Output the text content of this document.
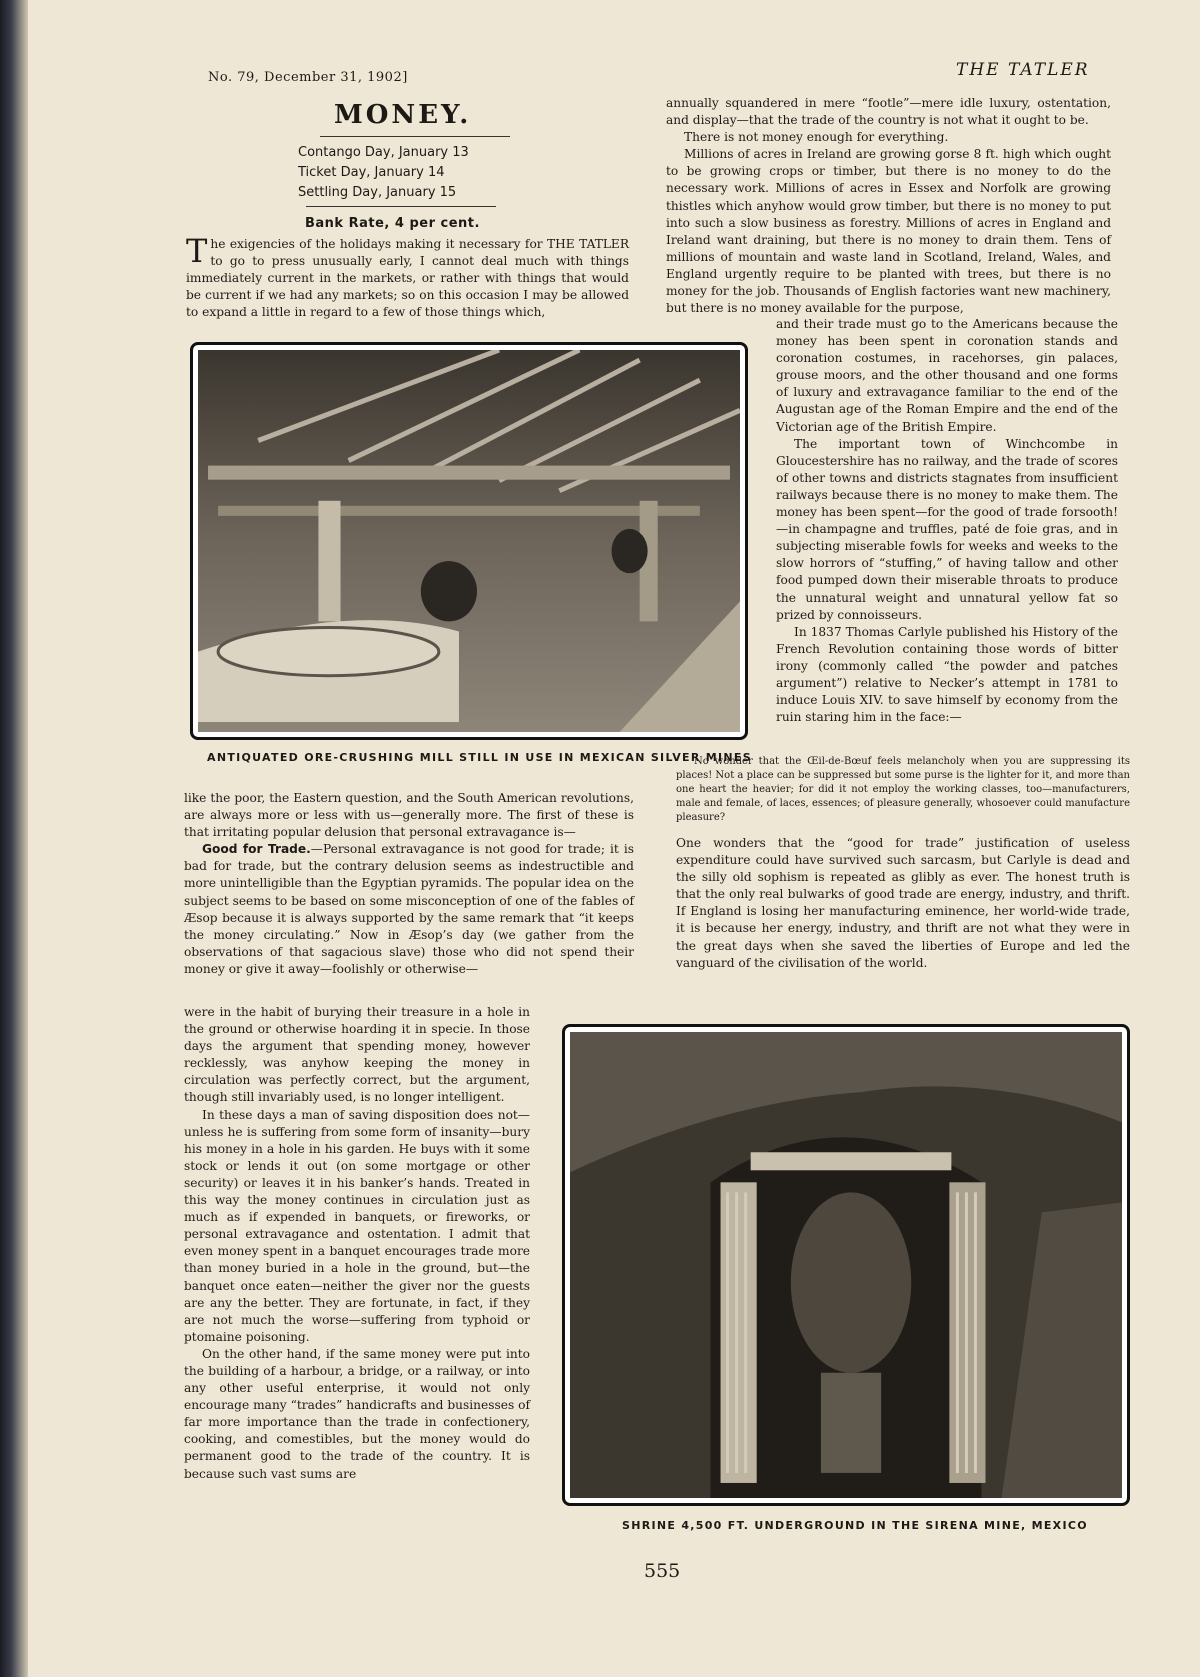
No. 79, December 31, 1902]	THE TATLER
MONEY.
Contango Day, January 13
Ticket Day, January 14
Settling Day, January 15
Bank Rate, 4 per cent.

The exigencies of the holidays making it necessary for THE TATLER to go to press unusually early, I cannot deal much with things immediately current in the markets, or rather with things that would be current if we had any markets; so on this occasion I may be allowed to expand a little in regard to a few of those things which,

annually squandered in mere “footle”—mere idle luxury, ostentation, and display—that the trade of the country is not what it ought to be.

There is not money enough for everything.

Millions of acres in Ireland are growing gorse 8 ft. high which ought to be growing crops or timber, but there is no money to do the necessary work. Millions of acres in Essex and Norfolk are growing thistles which anyhow would grow timber, but there is no money to put into such a slow business as forestry. Millions of acres in England and Ireland want draining, but there is no money to drain them. Tens of millions of mountain and waste land in Scotland, Ireland, Wales, and England urgently require to be planted with trees, but there is no money for the job. Thousands of English factories want new machinery, but there is no money available for the purpose,

and their trade must go to the Americans because the money has been spent in coronation stands and coronation costumes, in racehorses, gin palaces, grouse moors, and the other thousand and one forms of luxury and extravagance familiar to the end of the Augustan age of the Roman Empire and the end of the Victorian age of the British Empire.

The important town of Winchcombe in Gloucestershire has no railway, and the trade of scores of other towns and districts stagnates from insufficient railways because there is no money to make them. The money has been spent—for the good of trade forsooth!—in champagne and truffles, paté de foie gras, and in subjecting miserable fowls for weeks and weeks to the slow horrors of “stuffing,” of having tallow and other food pumped down their miserable throats to produce the unnatural weight and unnatural yellow fat so prized by connoisseurs.

In 1837 Thomas Carlyle published his History of the French Revolution containing those words of bitter irony (commonly called “the powder and patches argument”) relative to Necker’s attempt in 1781 to induce Louis XIV. to save himself by economy from the ruin staring him in the face:—

No wonder that the Œil-de-Bœuf feels melancholy when you are suppressing its places! Not a place can be suppressed but some purse is the lighter for it, and more than one heart the heavier; for did it not employ the working classes, too—manufacturers, male and female, of laces, essences; of pleasure generally, whosoever could manufacture pleasure?

One wonders that the “good for trade” justification of useless expenditure could have survived such sarcasm, but Carlyle is dead and the silly old sophism is repeated as glibly as ever. The honest truth is that the only real bulwarks of good trade are energy, industry, and thrift. If England is losing her manufacturing eminence, her world-wide trade, it is because her energy, industry, and thrift are not what they were in the great days when she saved the liberties of Europe and led the vanguard of the civilisation of the world.

ANTIQUATED ORE-CRUSHING MILL STILL IN USE IN MEXICAN SILVER MINES

like the poor, the Eastern question, and the South American revolutions, are always more or less with us—generally more. The first of these is that irritating popular delusion that personal extravagance is—

Good for Trade.—Personal extravagance is not good for trade; it is bad for trade, but the contrary delusion seems as indestructible and more unintelligible than the Egyptian pyramids. The popular idea on the subject seems to be based on some misconception of one of the fables of Æsop because it is always supported by the same remark that “it keeps the money circulating.” Now in Æsop’s day (we gather from the observations of that sagacious slave) those who did not spend their money or give it away—foolishly or otherwise—

were in the habit of burying their treasure in a hole in the ground or otherwise hoarding it in specie. In those days the argument that spending money, however recklessly, was anyhow keeping the money in circulation was perfectly correct, but the argument, though still invariably used, is no longer intelligent.

In these days a man of saving disposition does not—unless he is suffering from some form of insanity—bury his money in a hole in his garden. He buys with it some stock or lends it out (on some mortgage or other security) or leaves it in his banker’s hands. Treated in this way the money continues in circulation just as much as if expended in banquets, or fireworks, or personal extravagance and ostentation. I admit that even money spent in a banquet encourages trade more than money buried in a hole in the ground, but—the banquet once eaten—neither the giver nor the guests are any the better. They are fortunate, in fact, if they are not much the worse—suffering from typhoid or ptomaine poisoning.

On the other hand, if the same money were put into the building of a harbour, a bridge, or a railway, or into any other useful enterprise, it would not only encourage many “trades” handicrafts and businesses of far more importance than the trade in confectionery, cooking, and comestibles, but the money would do permanent good to the trade of the country. It is because such vast sums are

SHRINE 4,500 FT. UNDERGROUND IN THE SIRENA MINE, MEXICO
555
